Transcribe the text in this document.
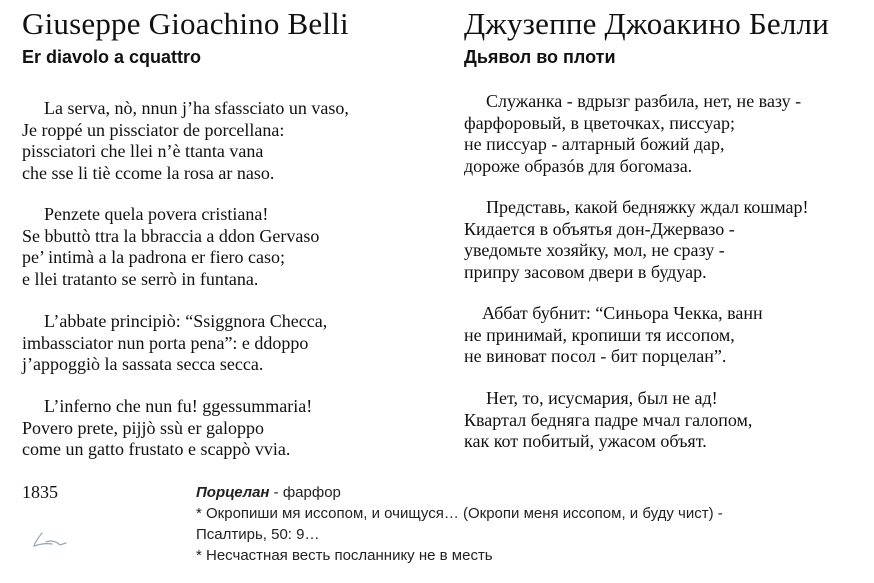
Giuseppe Gioachino Belli
Er diavolo a cquattro
La serva, nò, nnun j’ha sfassciato un vaso,
Je roppé un pissciator de porcellana:
pissciatori che llei n’è ttanta vana
che sse li tiè ccome la rosa ar naso.
Penzete quela povera cristiana!
Se bbuttò ttra la bbraccia a ddon Gervaso
pe’ intimà a la padrona er fiero caso;
e llei tratanto se serrò in funtana.
L’abbate principiò: “Ssiggnora Checca,
imbassciator nun porta pena”: e ddoppo
j’appoggiò la sassata secca secca.
L’inferno che nun fu! ggessummaria!
Povero prete, pijjò ssù er galoppo
come un gatto frustato e scappò vvia.
Джузеппе Джоакино Белли
Дьявол во плоти
Служанка - вдрызг разбила, нет, не вазу -
фарфоровый, в цветочках, писсуар;
не писсуар - алтарный божий дар,
дороже образóв для богомаза.
Представь, какой бедняжку ждал кошмар!
Кидается в объятья дон-Джервазо -
уведомьте хозяйку, мол, не сразу -
припру засовом двери в будуар.
Аббат бубнит: “Синьора Чекка, ванн
не принимай, кропиши тя иссопом,
не виноват посол - бит порцелан”.
Нет, то, исусмария, был не ад!
Квартал бедняга падре мчал галопом,
как кот побитый, ужасом объят.
1835	Порцелан - фарфор
* Окропиши мя иссопом, и очищуся… (Окропи меня иссопом, и буду чист) -
Псалтирь, 50: 9…
* Несчастная весть посланнику не в месть
